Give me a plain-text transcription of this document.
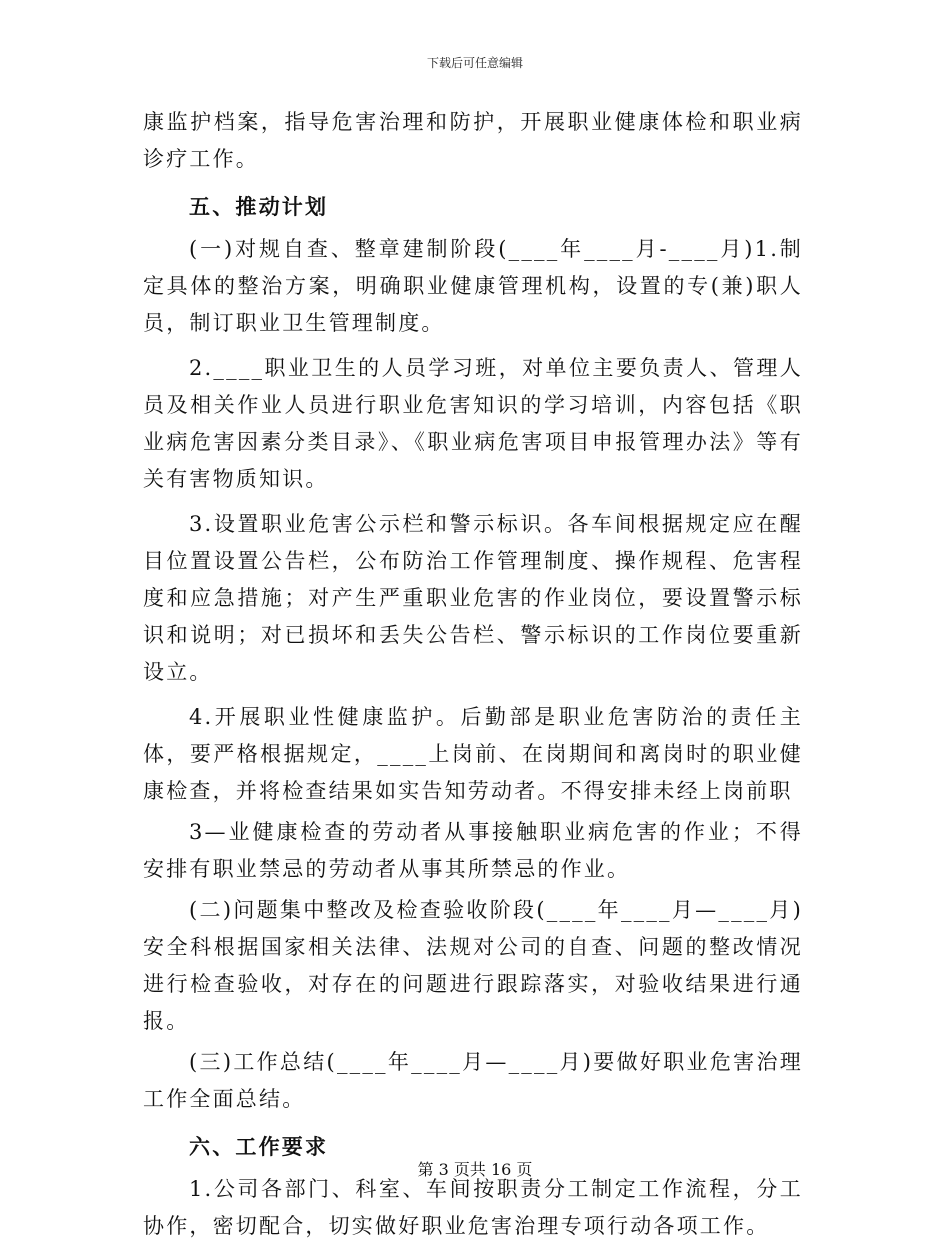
下载后可任意编辑

康监护档案，指导危害治理和防护，开展职业健康体检和职业病诊疗工作。

五、推动计划

(一)对规自查、整章建制阶段(____年____月-____月)1.制定具体的整治方案，明确职业健康管理机构，设置的专(兼)职人员，制订职业卫生管理制度。

2.____职业卫生的人员学习班，对单位主要负责人、管理人员及相关作业人员进行职业危害知识的学习培训，内容包括《职业病危害因素分类目录》、《职业病危害项目申报管理办法》等有关有害物质知识。

3.设置职业危害公示栏和警示标识。各车间根据规定应在醒目位置设置公告栏，公布防治工作管理制度、操作规程、危害程度和应急措施；对产生严重职业危害的作业岗位，要设置警示标识和说明；对已损坏和丢失公告栏、警示标识的工作岗位要重新设立。

4.开展职业性健康监护。后勤部是职业危害防治的责任主体，要严格根据规定，____上岗前、在岗期间和离岗时的职业健康检查，并将检查结果如实告知劳动者。不得安排未经上岗前职

3—业健康检查的劳动者从事接触职业病危害的作业；不得安排有职业禁忌的劳动者从事其所禁忌的作业。

(二)问题集中整改及检查验收阶段(____年____月—____月)安全科根据国家相关法律、法规对公司的自查、问题的整改情况进行检查验收，对存在的问题进行跟踪落实，对验收结果进行通报。

(三)工作总结(____年____月—____月)要做好职业危害治理工作全面总结。

六、工作要求

1.公司各部门、科室、车间按职责分工制定工作流程，分工协作，密切配合，切实做好职业危害治理专项行动各项工作。

第 3 页共 16 页
